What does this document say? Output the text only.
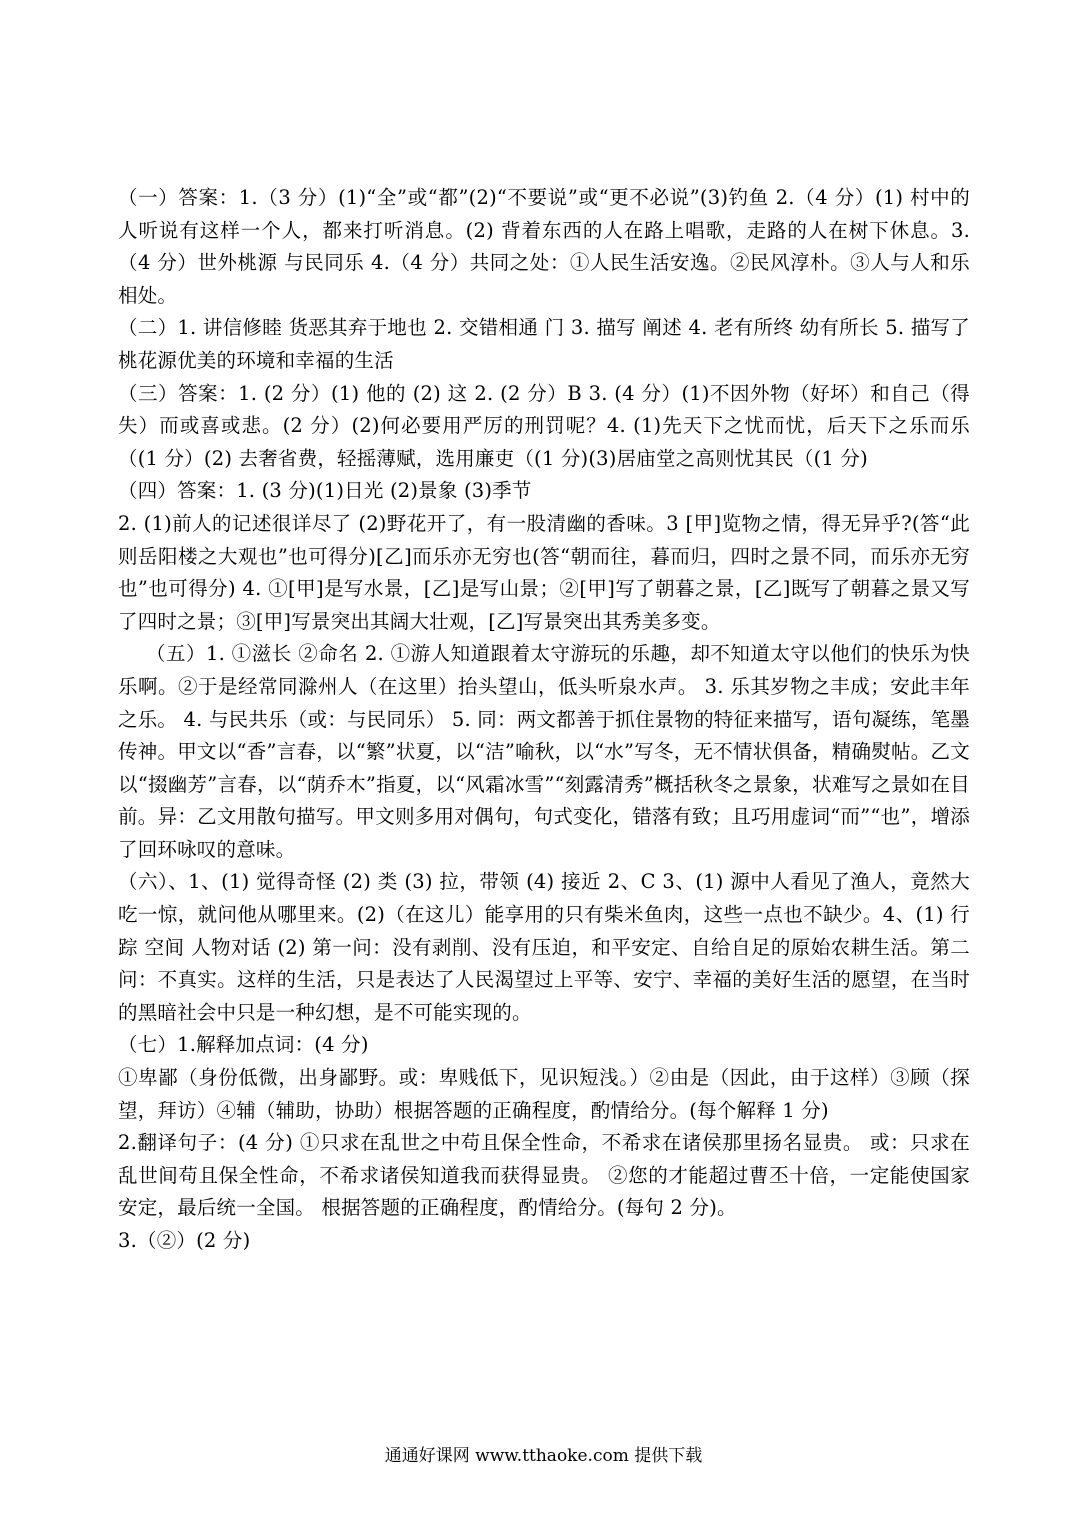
（一）答案：1.（3 分）(1)“全”或“都”(2)“不要说”或“更不必说”(3)钓鱼 2.（4 分）(1) 村中的人听说有这样一个人，都来打听消息。(2) 背着东西的人在路上唱歌，走路的人在树下休息。3.（4 分）世外桃源 与民同乐 4.（4 分）共同之处：①人民生活安逸。②民风淳朴。③人与人和乐相处。

（二）1. 讲信修睦 货恶其弃于地也 2. 交错相通 门 3. 描写 阐述 4. 老有所终 幼有所长 5. 描写了桃花源优美的环境和幸福的生活

（三）答案：1. (2 分）(1) 他的 (2) 这 2. (2 分）B 3. (4 分）(1)不因外物（好坏）和自己（得失）而或喜或悲。(2 分）(2)何必要用严厉的刑罚呢？4. (1)先天下之忧而忧，后天下之乐而乐（(1 分）(2) 去奢省费，轻摇薄赋，选用廉吏（(1 分)(3)居庙堂之高则忧其民（(1 分)

（四）答案：1. (3 分)(1)日光 (2)景象 (3)季节

2. (1)前人的记述很详尽了 (2)野花开了，有一股清幽的香味。3 [甲]览物之情，得无异乎?(答“此则岳阳楼之大观也”也可得分)[乙]而乐亦无穷也(答“朝而往，暮而归，四时之景不同，而乐亦无穷也”也可得分) 4. ①[甲]是写水景，[乙]是写山景；②[甲]写了朝暮之景，[乙]既写了朝暮之景又写了四时之景；③[甲]写景突出其阔大壮观，[乙]写景突出其秀美多变。

（五）1. ①滋长 ②命名 2. ①游人知道跟着太守游玩的乐趣，却不知道太守以他们的快乐为快乐啊。②于是经常同滁州人（在这里）抬头望山，低头听泉水声。 3. 乐其岁物之丰成；安此丰年之乐。 4. 与民共乐（或：与民同乐） 5. 同：两文都善于抓住景物的特征来描写，语句凝练，笔墨传神。甲文以“香”言春，以“繁”状夏，以“洁”喻秋，以“水”写冬，无不情状俱备，精确熨帖。乙文以“掇幽芳”言春，以“荫乔木”指夏，以“风霜冰雪”“刻露清秀”概括秋冬之景象，状难写之景如在目前。异：乙文用散句描写。甲文则多用对偶句，句式变化，错落有致；且巧用虚词“而”“也”，增添了回环咏叹的意味。

（六）、1、(1) 觉得奇怪 (2) 类 (3) 拉，带领 (4) 接近 2、C 3、(1) 源中人看见了渔人，竟然大吃一惊，就问他从哪里来。(2)（在这儿）能享用的只有柴米鱼肉，这些一点也不缺少。4、(1) 行踪 空间 人物对话 (2) 第一问：没有剥削、没有压迫，和平安定、自给自足的原始农耕生活。第二问：不真实。这样的生活，只是表达了人民渴望过上平等、安宁、幸福的美好生活的愿望，在当时的黑暗社会中只是一种幻想，是不可能实现的。

（七）1.解释加点词：(4 分)

①卑鄙（身份低微，出身鄙野。或：卑贱低下，见识短浅。）②由是（因此，由于这样）③顾（探望，拜访）④辅（辅助，协助）根据答题的正确程度，酌情给分。(每个解释 1 分)

2.翻译句子：(4 分) ①只求在乱世之中苟且保全性命，不希求在诸侯那里扬名显贵。 或：只求在乱世间苟且保全性命，不希求诸侯知道我而获得显贵。 ②您的才能超过曹丕十倍，一定能使国家安定，最后统一全国。 根据答题的正确程度，酌情给分。(每句 2 分)。

3.（②）(2 分)

通通好课网 www.tthaoke.com 提供下载
